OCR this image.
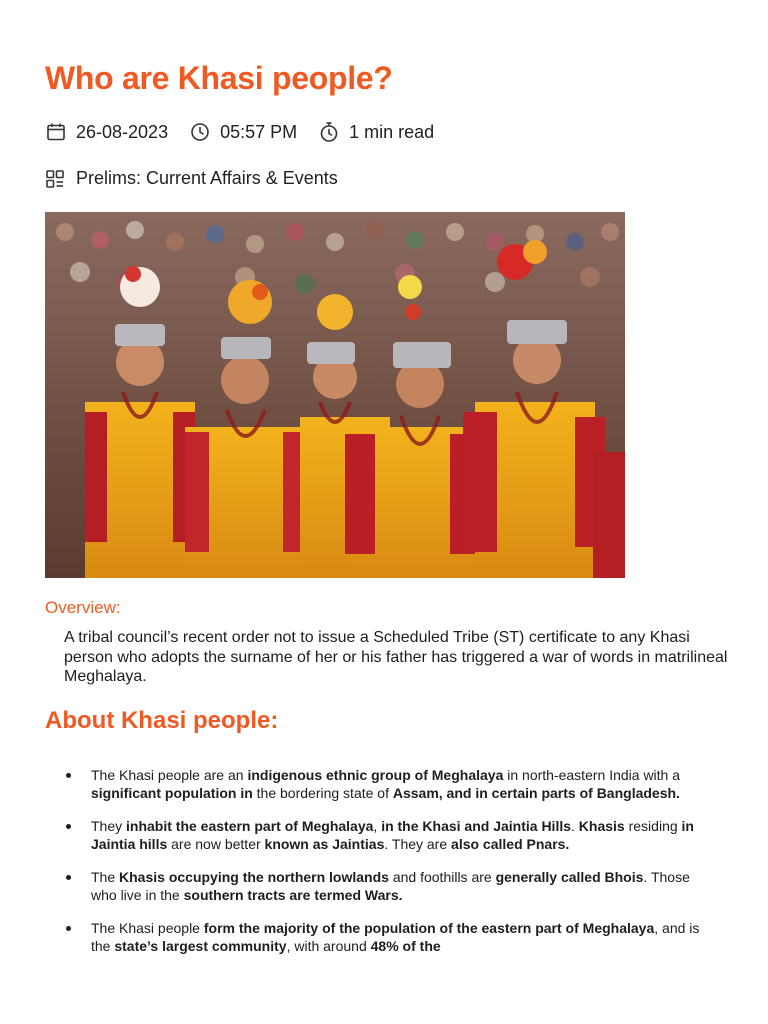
Who are Khasi people?
26-08-2023	05:57 PM	1 min read
Prelims: Current Affairs & Events
Overview:

A tribal council’s recent order not to issue a Scheduled Tribe (ST) certificate to any Khasi person who adopts the surname of her or his father has triggered a war of words in matrilineal Meghalaya.

About Khasi people:
The Khasi people are an indigenous ethnic group of Meghalaya in north-eastern India with a significant population in the bordering state of Assam, and in certain parts of Bangladesh.
They inhabit the eastern part of Meghalaya, in the Khasi and Jaintia Hills. Khasis residing in Jaintia hills are now better known as Jaintias. They are also called Pnars.
The Khasis occupying the northern lowlands and foothills are generally called Bhois. Those who live in the southern tracts are termed Wars.
The Khasi people form the majority of the population of the eastern part of Meghalaya, and is the state’s largest community, with around 48% of the
